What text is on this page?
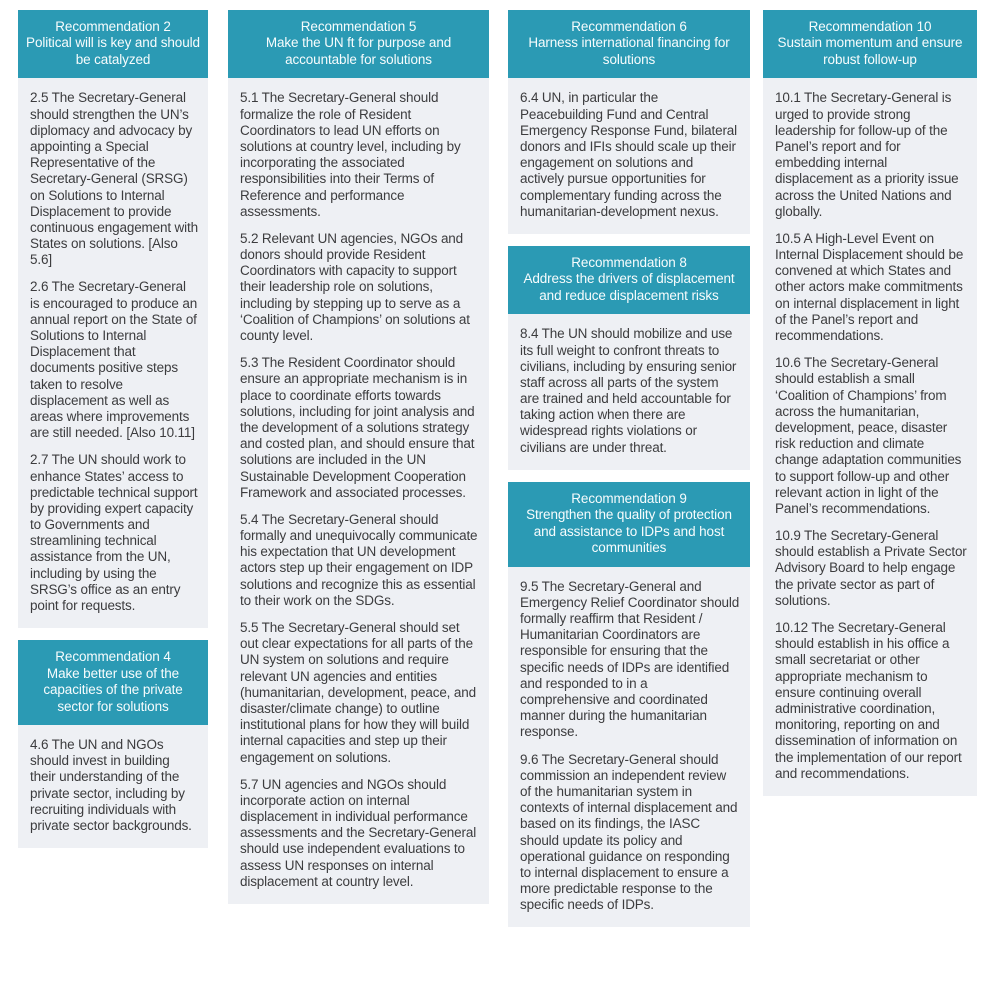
Recommendation 2
Political will is key and should be catalyzed

2.5 The Secretary-General should strengthen the UN’s diplomacy and advocacy by appointing a Special Representative of the Secretary-General (SRSG) on Solutions to Internal Displacement to provide continuous engagement with States on solutions. [Also 5.6]

2.6 The Secretary-General is encouraged to produce an annual report on the State of Solutions to Internal Displacement that documents positive steps taken to resolve displacement as well as areas where improvements are still needed. [Also 10.11]

2.7 The UN should work to enhance States’ access to predictable technical support by providing expert capacity to Governments and streamlining technical assistance from the UN, including by using the SRSG’s office as an entry point for requests.

Recommendation 4
Make better use of the capacities of the private sector for solutions

4.6 The UN and NGOs should invest in building their understanding of the private sector, including by recruiting individuals with private sector backgrounds.

Recommendation 5
Make the UN ft for purpose and accountable for solutions

5.1 The Secretary-General should formalize the role of Resident Coordinators to lead UN efforts on solutions at country level, including by incorporating the associated responsibilities into their Terms of Reference and performance assessments.

5.2 Relevant UN agencies, NGOs and donors should provide Resident Coordinators with capacity to support their leadership role on solutions, including by stepping up to serve as a ‘Coalition of Champions’ on solutions at county level.

5.3 The Resident Coordinator should ensure an appropriate mechanism is in place to coordinate efforts towards solutions, including for joint analysis and the development of a solutions strategy and costed plan, and should ensure that solutions are included in the UN Sustainable Development Cooperation Framework and associated processes.

5.4 The Secretary-General should formally and unequivocally communicate his expectation that UN development actors step up their engagement on IDP solutions and recognize this as essential to their work on the SDGs.

5.5 The Secretary-General should set out clear expectations for all parts of the UN system on solutions and require relevant UN agencies and entities (humanitarian, development, peace, and disaster/climate change) to outline institutional plans for how they will build internal capacities and step up their engagement on solutions.

5.7 UN agencies and NGOs should incorporate action on internal displacement in individual performance assessments and the Secretary-General should use independent evaluations to assess UN responses on internal displacement at country level.

Recommendation 6
Harness international financing for solutions

6.4 UN, in particular the Peacebuilding Fund and Central Emergency Response Fund, bilateral donors and IFIs should scale up their engagement on solutions and actively pursue opportunities for complementary funding across the humanitarian-development nexus.

Recommendation 8
Address the drivers of displacement and reduce displacement risks

8.4 The UN should mobilize and use its full weight to confront threats to civilians, including by ensuring senior staff across all parts of the system are trained and held accountable for taking action when there are widespread rights violations or civilians are under threat.

Recommendation 9
Strengthen the quality of protection and assistance to IDPs and host communities

9.5 The Secretary-General and Emergency Relief Coordinator should formally reaffirm that Resident / Humanitarian Coordinators are responsible for ensuring that the specific needs of IDPs are identified and responded to in a comprehensive and coordinated manner during the humanitarian response.

9.6 The Secretary-General should commission an independent review of the humanitarian system in contexts of internal displacement and based on its findings, the IASC should update its policy and operational guidance on responding to internal displacement to ensure a more predictable response to the specific needs of IDPs.

Recommendation 10
Sustain momentum and ensure robust follow-up

10.1 The Secretary-General is urged to provide strong leadership for follow-up of the Panel’s report and for embedding internal displacement as a priority issue across the United Nations and globally.

10.5 A High-Level Event on Internal Displacement should be convened at which States and other actors make commitments on internal displacement in light of the Panel’s report and recommendations.

10.6 The Secretary-General should establish a small ‘Coalition of Champions’ from across the humanitarian, development, peace, disaster risk reduction and climate change adaptation communities to support follow-up and other relevant action in light of the Panel’s recommendations.

10.9 The Secretary-General should establish a Private Sector Advisory Board to help engage the private sector as part of solutions.

10.12 The Secretary-General should establish in his office a small secretariat or other appropriate mechanism to ensure continuing overall administrative coordination, monitoring, reporting on and dissemination of information on the implementation of our report and recommendations.
